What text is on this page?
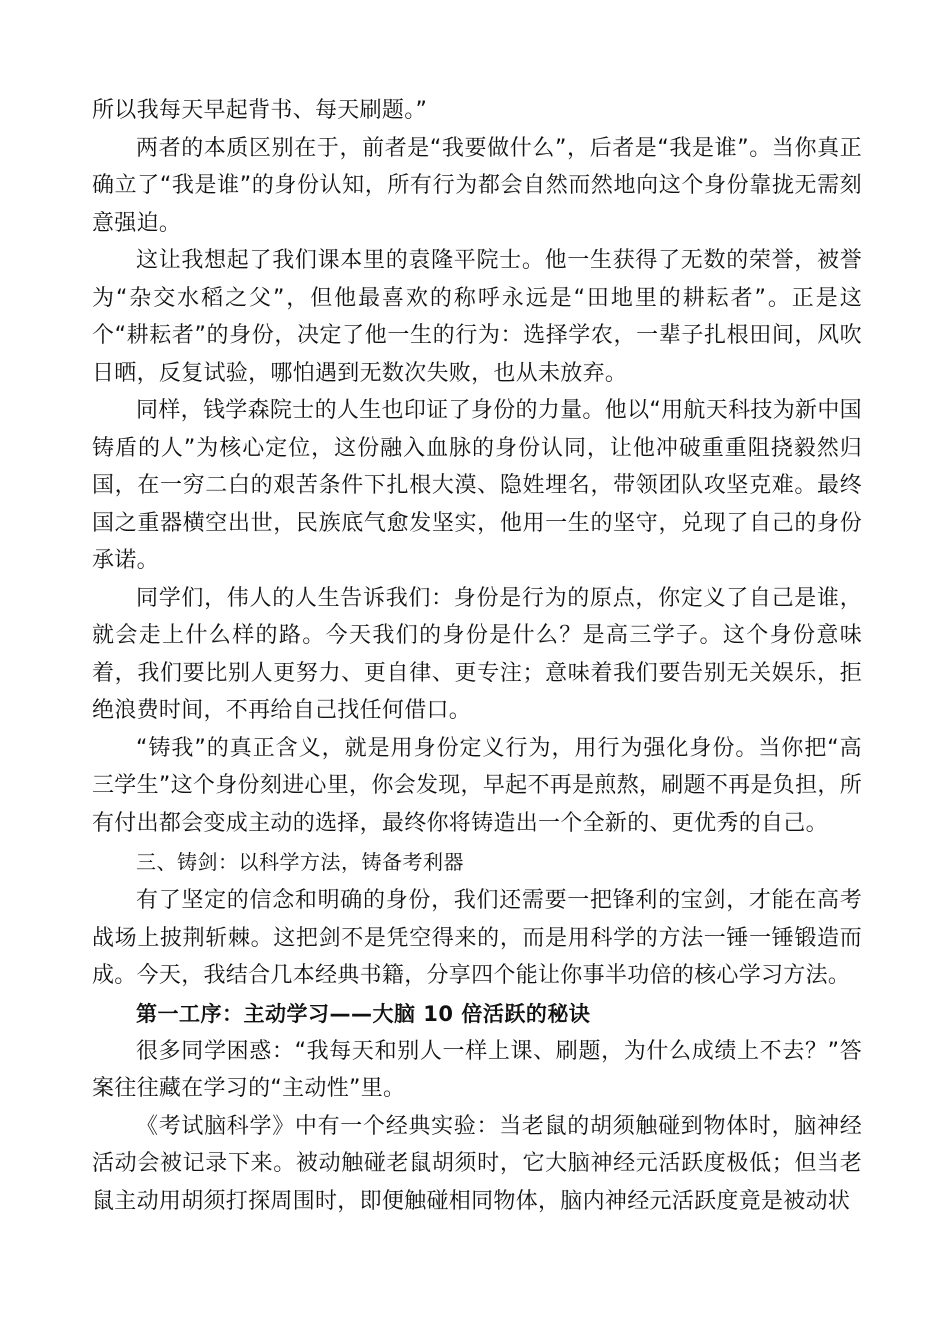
所以我每天早起背书、每天刷题。”

两者的本质区别在于，前者是“我要做什么”，后者是“我是谁”。当你真正确立了“我是谁”的身份认知，所有行为都会自然而然地向这个身份靠拢无需刻意强迫。

这让我想起了我们课本里的袁隆平院士。他一生获得了无数的荣誉，被誉为“杂交水稻之父”，但他最喜欢的称呼永远是“田地里的耕耘者”。正是这个“耕耘者”的身份，决定了他一生的行为：选择学农，一辈子扎根田间，风吹日晒，反复试验，哪怕遇到无数次失败，也从未放弃。

同样，钱学森院士的人生也印证了身份的力量。他以“用航天科技为新中国铸盾的人”为核心定位，这份融入血脉的身份认同，让他冲破重重阻挠毅然归国，在一穷二白的艰苦条件下扎根大漠、隐姓埋名，带领团队攻坚克难。最终国之重器横空出世，民族底气愈发坚实，他用一生的坚守，兑现了自己的身份承诺。

同学们，伟人的人生告诉我们：身份是行为的原点，你定义了自己是谁，就会走上什么样的路。今天我们的身份是什么？是高三学子。这个身份意味着，我们要比别人更努力、更自律、更专注；意味着我们要告别无关娱乐，拒绝浪费时间，不再给自己找任何借口。

“铸我”的真正含义，就是用身份定义行为，用行为强化身份。当你把“高三学生”这个身份刻进心里，你会发现，早起不再是煎熬，刷题不再是负担，所有付出都会变成主动的选择，最终你将铸造出一个全新的、更优秀的自己。

三、铸剑：以科学方法，铸备考利器

有了坚定的信念和明确的身份，我们还需要一把锋利的宝剑，才能在高考战场上披荆斩棘。这把剑不是凭空得来的，而是用科学的方法一锤一锤锻造而成。今天，我结合几本经典书籍，分享四个能让你事半功倍的核心学习方法。

第一工序：主动学习——大脑 10 倍活跃的秘诀

很多同学困惑：“我每天和别人一样上课、刷题，为什么成绩上不去？”答案往往藏在学习的“主动性”里。

《考试脑科学》中有一个经典实验：当老鼠的胡须触碰到物体时，脑神经活动会被记录下来。被动触碰老鼠胡须时，它大脑神经元活跃度极低；但当老鼠主动用胡须打探周围时，即便触碰相同物体，脑内神经元活跃度竟是被动状
